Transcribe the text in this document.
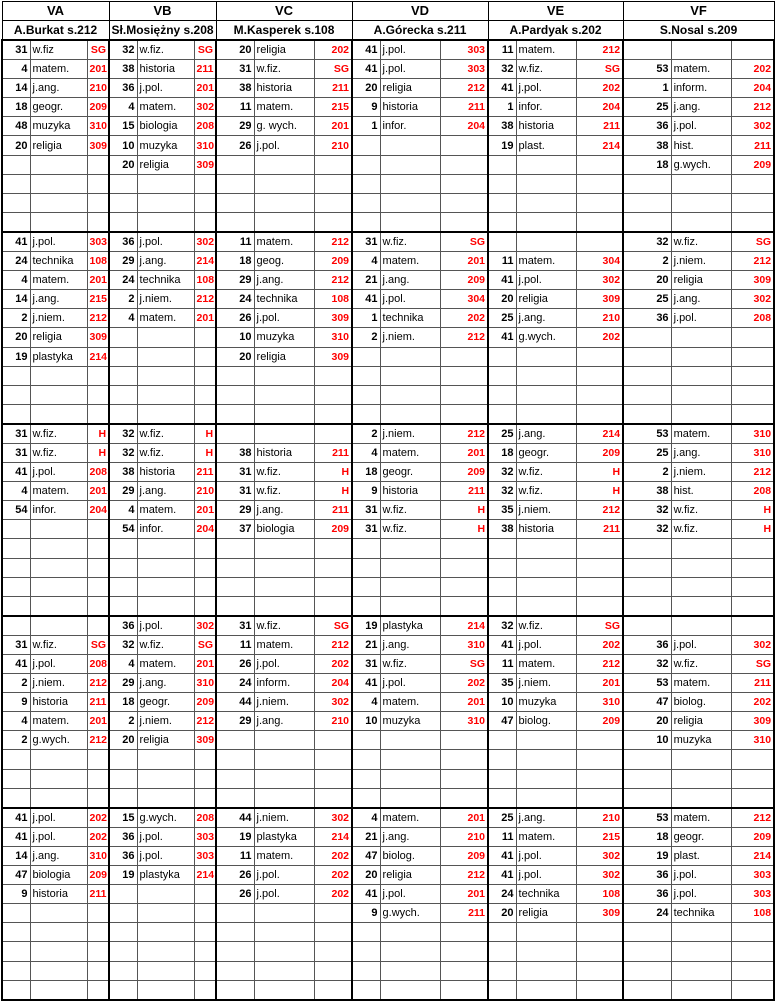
VA			VB			VC			VD			VE			VF		
A.Burkat s.212			Sł.Mosiężny s.208			M.Kasperek s.108			A.Górecka s.211			A.Pardyak s.202			S.Nosal s.209		
31	w.fiz	SG	32	w.fiz.	SG	20	religia	202	41	j.pol.	303	11	matem.	212			
4	matem.	201	38	historia	211	31	w.fiz.	SG	41	j.pol.	303	32	w.fiz.	SG	53	matem.	202
14	j.ang.	210	36	j.pol.	201	38	historia	211	20	religia	212	41	j.pol.	202	1	inform.	204
18	geogr.	209	4	matem.	302	11	matem.	215	9	historia	211	1	infor.	204	25	j.ang.	212
48	muzyka	310	15	biologia	208	29	g. wych.	201	1	infor.	204	38	historia	211	36	j.pol.	302
20	religia	309	10	muzyka	310	26	j.pol.	210				19	plast.	214	38	hist.	211
			20	religia	309										18	g.wych.	209

41	j.pol.	303	36	j.pol.	302	11	matem.	212	31	w.fiz.	SG				32	w.fiz.	SG
24	technika	108	29	j.ang.	214	18	geog.	209	4	matem.	201	11	matem.	304	2	j.niem.	212
4	matem.	201	24	technika	108	29	j.ang.	212	21	j.ang.	209	41	j.pol.	302	20	religia	309
14	j.ang.	215	2	j.niem.	212	24	technika	108	41	j.pol.	304	20	religia	309	25	j.ang.	302
2	j.niem.	212	4	matem.	201	26	j.pol.	309	1	technika	202	25	j.ang.	210	36	j.pol.	208
20	religia	309				10	muzyka	310	2	j.niem.	212	41	g.wych.	202			
19	plastyka	214				20	religia	309									

31	w.fiz.	H	32	w.fiz.	H				2	j.niem.	212	25	j.ang.	214	53	matem.	310
31	w.fiz.	H	32	w.fiz.	H	38	historia	211	4	matem.	201	18	geogr.	209	25	j.ang.	310
41	j.pol.	208	38	historia	211	31	w.fiz.	H	18	geogr.	209	32	w.fiz.	H	2	j.niem.	212
4	matem.	201	29	j.ang.	210	31	w.fiz.	H	9	historia	211	32	w.fiz.	H	38	hist.	208
54	infor.	204	4	matem.	201	29	j.ang.	211	31	w.fiz.	H	35	j.niem.	212	32	w.fiz.	H
			54	infor.	204	37	biologia	209	31	w.fiz.	H	38	historia	211	32	w.fiz.	H

			36	j.pol.	302	31	w.fiz.	SG	19	plastyka	214	32	w.fiz.	SG			
31	w.fiz.	SG	32	w.fiz.	SG	11	matem.	212	21	j.ang.	310	41	j.pol.	202	36	j.pol.	302
41	j.pol.	208	4	matem.	201	26	j.pol.	202	31	w.fiz.	SG	11	matem.	212	32	w.fiz.	SG
2	j.niem.	212	29	j.ang.	310	24	inform.	204	41	j.pol.	202	35	j.niem.	201	53	matem.	211
9	historia	211	18	geogr.	209	44	j.niem.	302	4	matem.	201	10	muzyka	310	47	biolog.	202
4	matem.	201	2	j.niem.	212	29	j.ang.	210	10	muzyka	310	47	biolog.	209	20	religia	309
2	g.wych.	212	20	religia	309										10	muzyka	310

41	j.pol.	202	15	g.wych.	208	44	j.niem.	302	4	matem.	201	25	j.ang.	210	53	matem.	212
41	j.pol.	202	36	j.pol.	303	19	plastyka	214	21	j.ang.	210	11	matem.	215	18	geogr.	209
14	j.ang.	310	36	j.pol.	303	11	matem.	202	47	biolog.	209	41	j.pol.	302	19	plast.	214
47	biologia	209	19	plastyka	214	26	j.pol.	202	20	religia	212	41	j.pol.	302	36	j.pol.	303
9	historia	211				26	j.pol.	202	41	j.pol.	201	24	technika	108	36	j.pol.	303
									9	g.wych.	211	20	religia	309	24	technika	108
